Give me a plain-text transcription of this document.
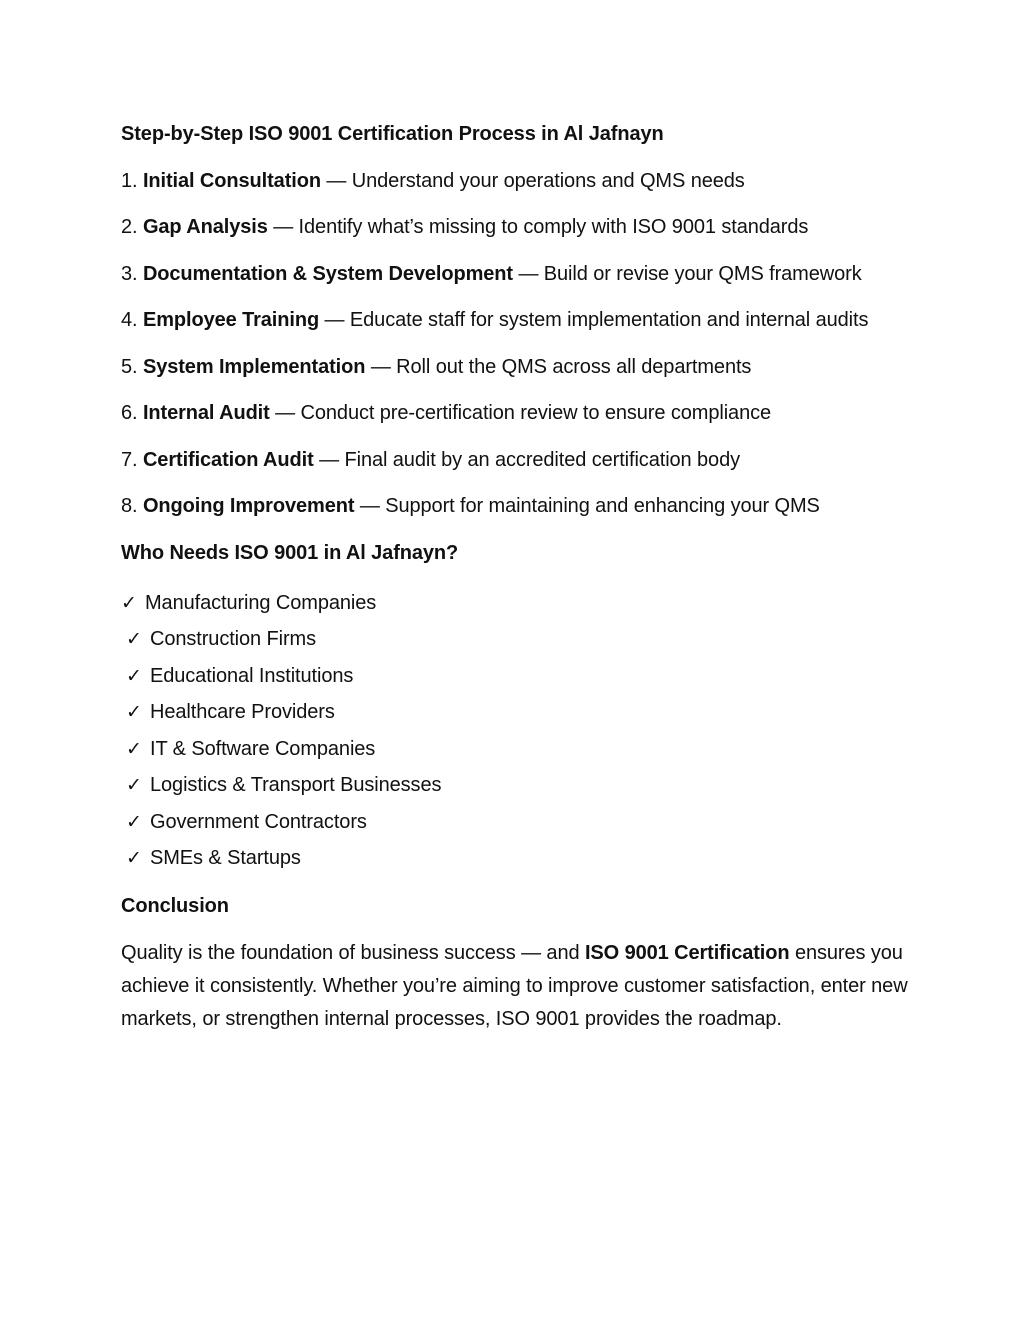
Step-by-Step ISO 9001 Certification Process in Al Jafnayn
1. Initial Consultation — Understand your operations and QMS needs
2. Gap Analysis — Identify what’s missing to comply with ISO 9001 standards
3. Documentation & System Development — Build or revise your QMS framework
4. Employee Training — Educate staff for system implementation and internal audits
5. System Implementation — Roll out the QMS across all departments
6. Internal Audit — Conduct pre-certification review to ensure compliance
7. Certification Audit — Final audit by an accredited certification body
8. Ongoing Improvement — Support for maintaining and enhancing your QMS
Who Needs ISO 9001 in Al Jafnayn?
✓ Manufacturing Companies
✓ Construction Firms
✓ Educational Institutions
✓ Healthcare Providers
✓ IT & Software Companies
✓ Logistics & Transport Businesses
✓ Government Contractors
✓ SMEs & Startups
Conclusion

Quality is the foundation of business success — and ISO 9001 Certification ensures you achieve it consistently. Whether you’re aiming to improve customer satisfaction, enter new markets, or strengthen internal processes, ISO 9001 provides the roadmap.
